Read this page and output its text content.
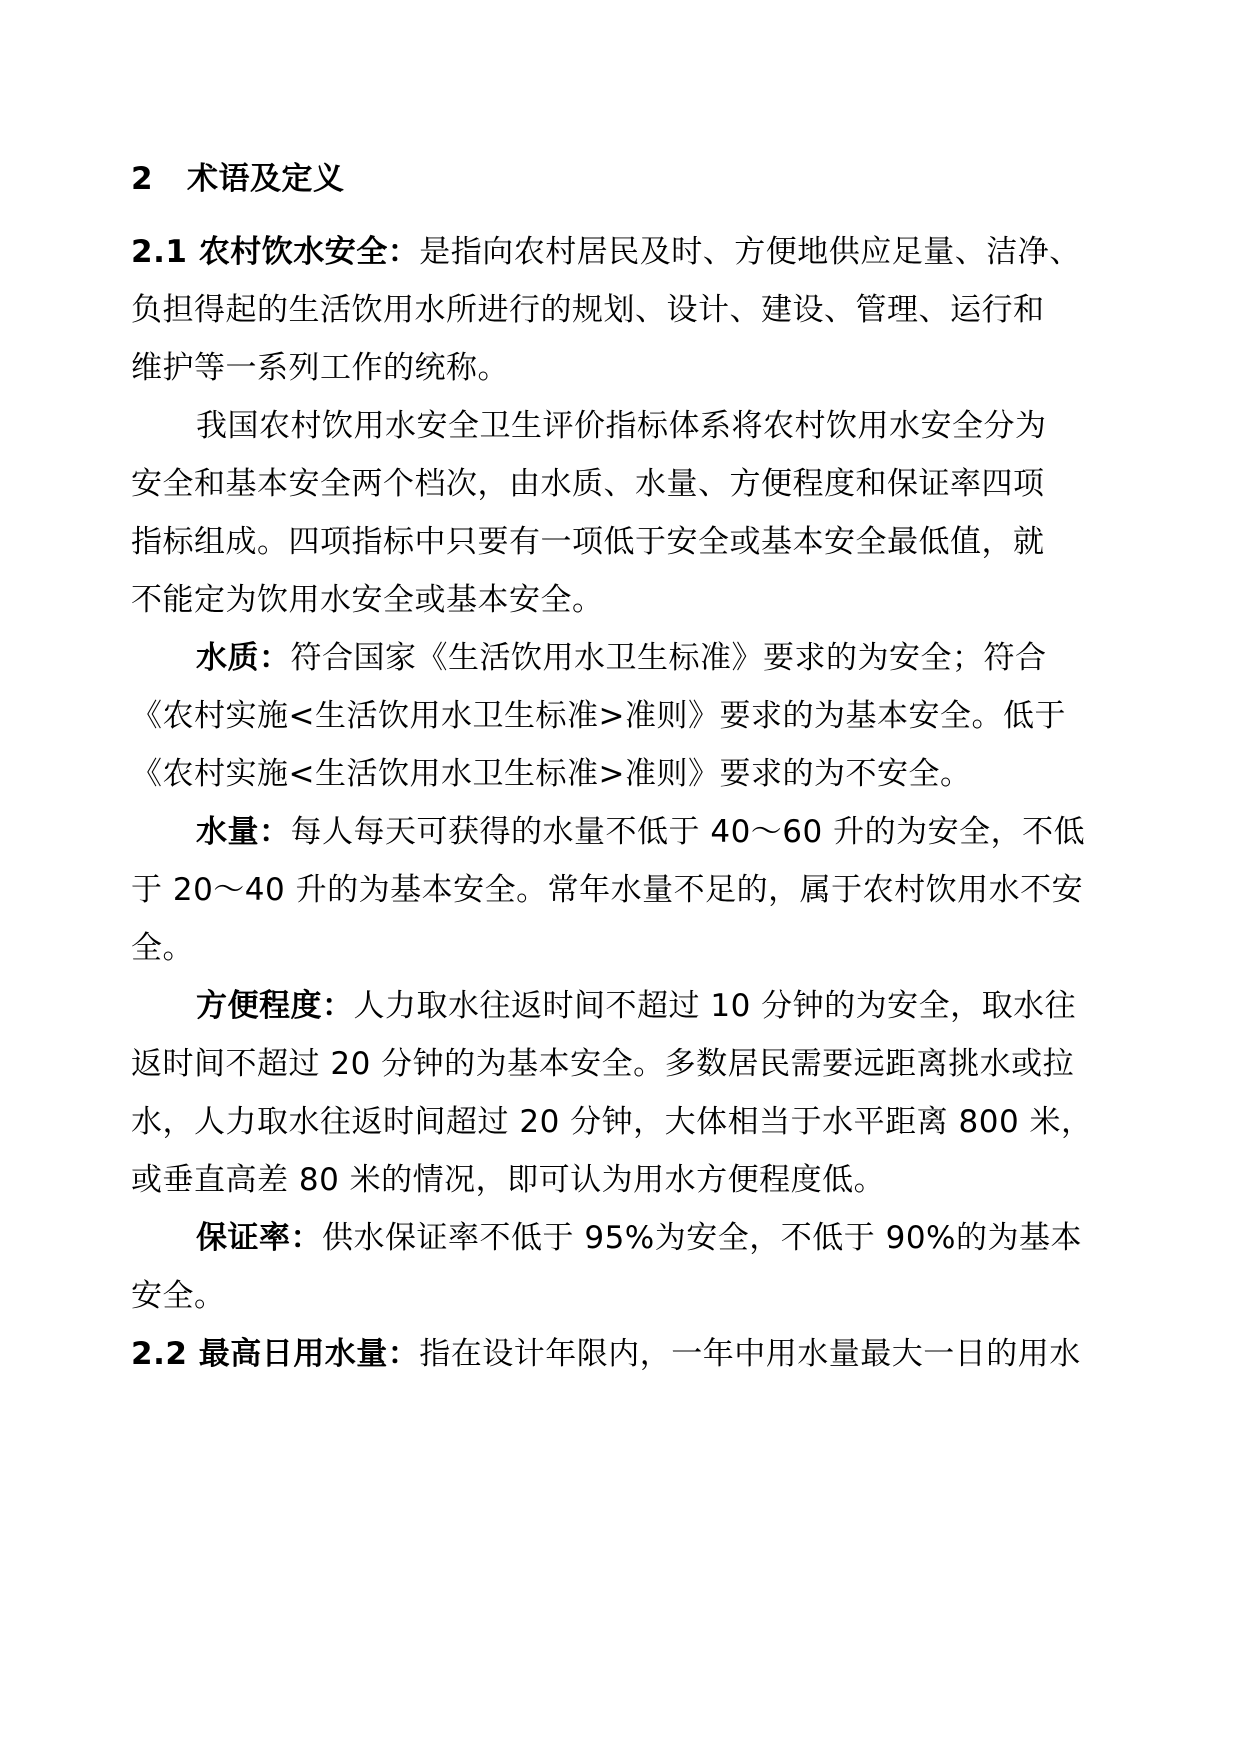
2 术语及定义
2.1 农村饮水安全：是指向农村居民及时、方便地供应足量、洁净、
负担得起的生活饮用水所进行的规划、设计、建设、管理、运行和
维护等一系列工作的统称。
我国农村饮用水安全卫生评价指标体系将农村饮用水安全分为
安全和基本安全两个档次，由水质、水量、方便程度和保证率四项
指标组成。四项指标中只要有一项低于安全或基本安全最低值，就
不能定为饮用水安全或基本安全。
水质：符合国家《生活饮用水卫生标准》要求的为安全；符合
《农村实施<生活饮用水卫生标准>准则》要求的为基本安全。低于
《农村实施<生活饮用水卫生标准>准则》要求的为不安全。
水量：每人每天可获得的水量不低于 40～60 升的为安全，不低
于 20～40 升的为基本安全。常年水量不足的，属于农村饮用水不安
全。
方便程度：人力取水往返时间不超过 10 分钟的为安全，取水往
返时间不超过 20 分钟的为基本安全。多数居民需要远距离挑水或拉
水，人力取水往返时间超过 20 分钟，大体相当于水平距离 800 米，
或垂直高差 80 米的情况，即可认为用水方便程度低。
保证率：供水保证率不低于 95%为安全，不低于 90%的为基本
安全。
2.2 最高日用水量：指在设计年限内，一年中用水量最大一日的用水
